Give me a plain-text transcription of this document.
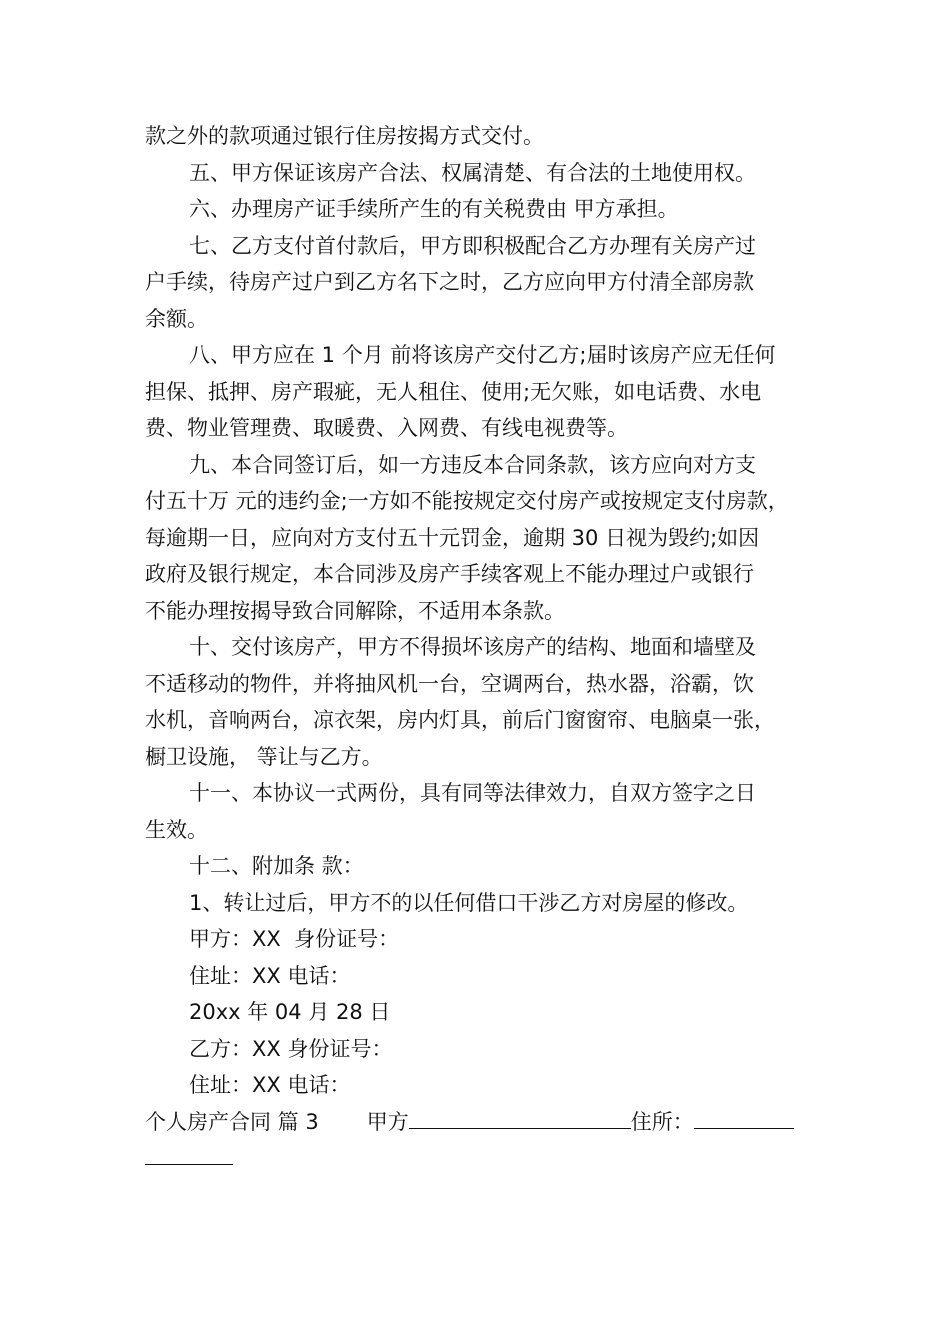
款之外的款项通过银行住房按揭方式交付。

五、甲方保证该房产合法、权属清楚、有合法的土地使用权。

六、办理房产证手续所产生的有关税费由 甲方承担。

七、乙方支付首付款后，甲方即积极配合乙方办理有关房产过

户手续，待房产过户到乙方名下之时，乙方应向甲方付清全部房款

余额。

八、甲方应在 1 个月 前将该房产交付乙方;届时该房产应无任何

担保、抵押、房产瑕疵，无人租住、使用;无欠账，如电话费、水电

费、物业管理费、取暖费、入网费、有线电视费等。

九、本合同签订后，如一方违反本合同条款，该方应向对方支

付五十万 元的违约金;一方如不能按规定交付房产或按规定支付房款，

每逾期一日，应向对方支付五十元罚金，逾期 30 日视为毁约;如因

政府及银行规定，本合同涉及房产手续客观上不能办理过户或银行

不能办理按揭导致合同解除，不适用本条款。

十、交付该房产，甲方不得损坏该房产的结构、地面和墙壁及

不适移动的物件，并将抽风机一台，空调两台，热水器，浴霸，饮

水机，音响两台，凉衣架，房内灯具，前后门窗窗帘、电脑桌一张，

橱卫设施， 等让与乙方。

十一、本协议一式两份，具有同等法律效力，自双方签字之日

生效。

十二、附加条 款：

1、转让过后，甲方不的以任何借口干涉乙方对房屋的修改。

甲方：XX  身份证号：

住址：XX 电话：

20xx 年 04 月 28 日

乙方：XX 身份证号：

住址：XX 电话：

个人房产合同 篇 3 甲方	住所：
